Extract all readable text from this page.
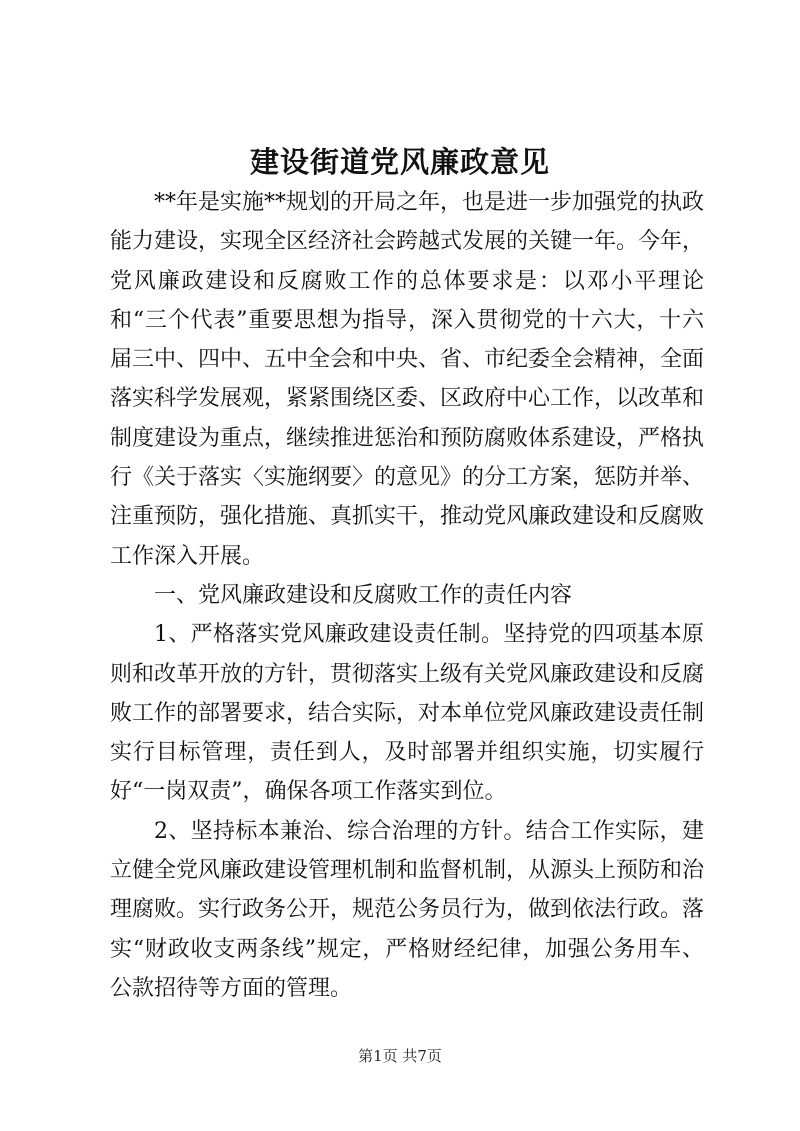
建设街道党风廉政意见

**年是实施**规划的开局之年，也是进一步加强党的执政能力建设，实现全区经济社会跨越式发展的关键一年。今年，党风廉政建设和反腐败工作的总体要求是：以邓小平理论和“三个代表”重要思想为指导，深入贯彻党的十六大，十六届三中、四中、五中全会和中央、省、市纪委全会精神，全面落实科学发展观，紧紧围绕区委、区政府中心工作，以改革和制度建设为重点，继续推进惩治和预防腐败体系建设，严格执行《关于落实〈实施纲要〉的意见》的分工方案，惩防并举、注重预防，强化措施、真抓实干，推动党风廉政建设和反腐败工作深入开展。

一、党风廉政建设和反腐败工作的责任内容

1、严格落实党风廉政建设责任制。坚持党的四项基本原则和改革开放的方针，贯彻落实上级有关党风廉政建设和反腐败工作的部署要求，结合实际，对本单位党风廉政建设责任制实行目标管理，责任到人，及时部署并组织实施，切实履行好“一岗双责”，确保各项工作落实到位。

2、坚持标本兼治、综合治理的方针。结合工作实际，建立健全党风廉政建设管理机制和监督机制，从源头上预防和治理腐败。实行政务公开，规范公务员行为，做到依法行政。落实“财政收支两条线”规定，严格财经纪律，加强公务用车、公款招待等方面的管理。

第1页 共7页
